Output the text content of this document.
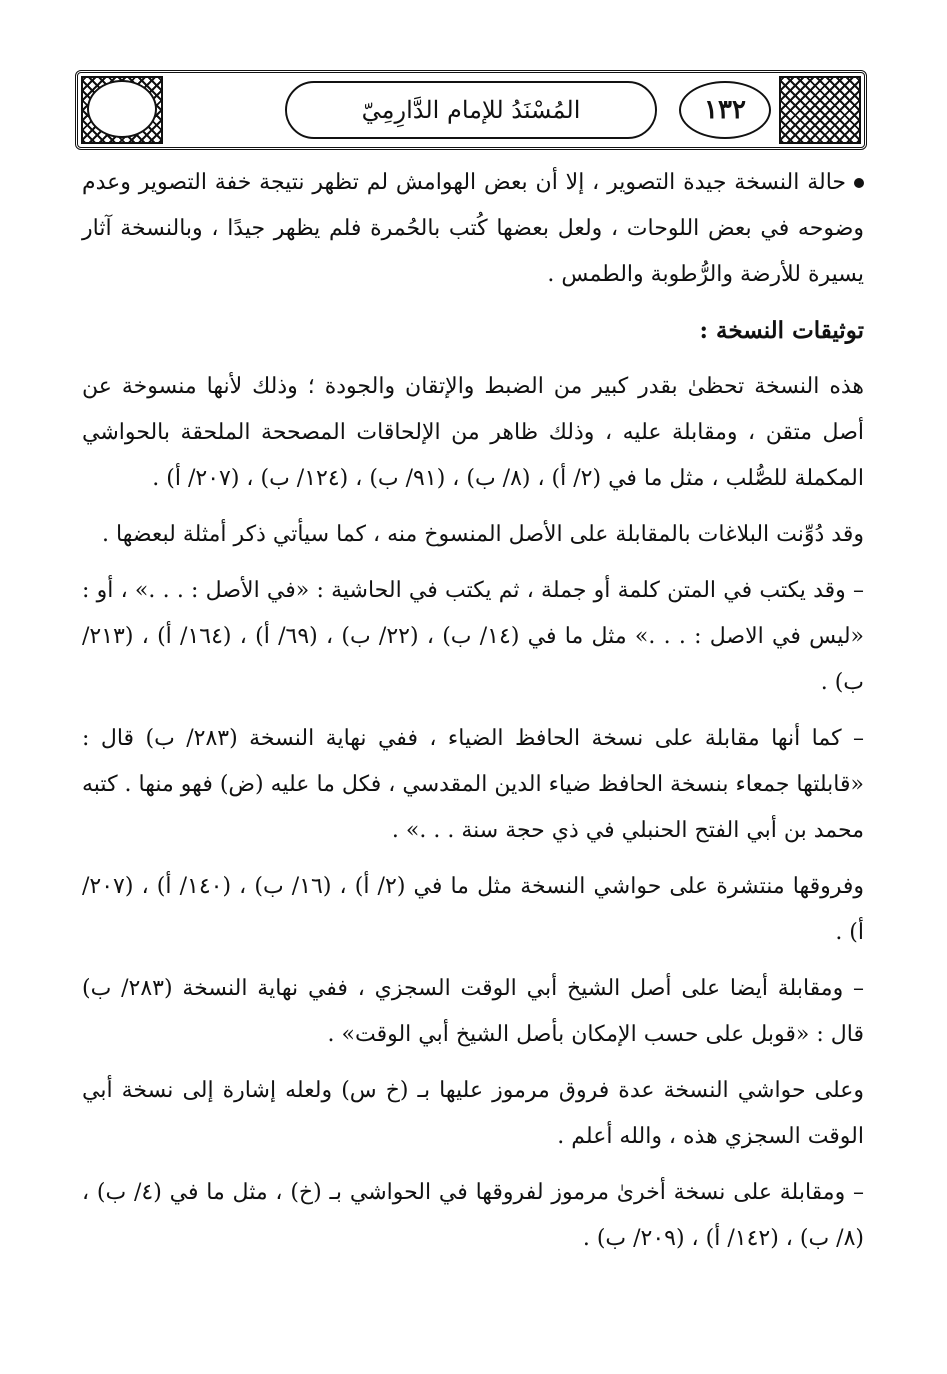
١٣٢
المُسْنَدُ للإمام الدَّارِمِيّ

حالة النسخة جيدة التصوير ، إلا أن بعض الهوامش لم تظهر نتيجة خفة التصوير وعدم وضوحه في بعض اللوحات ، ولعل بعضها كُتب بالحُمرة فلم يظهر جيدًا ، وبالنسخة آثار يسيرة للأرضة والرُّطوبة والطمس .

توثيقات النسخة :

هذه النسخة تحظىٰ بقدر كبير من الضبط والإتقان والجودة ؛ وذلك لأنها منسوخة عن أصل متقن ، ومقابلة عليه ، وذلك ظاهر من الإلحاقات المصححة الملحقة بالحواشي المكملة للصُّلب ، مثل ما في (٢/ أ) ، (٨/ ب) ، (٩١/ ب) ، (١٢٤/ ب) ، (٢٠٧/ أ) .

وقد دُوِّنت البلاغات بالمقابلة على الأصل المنسوخ منه ، كما سيأتي ذكر أمثلة لبعضها .

– وقد يكتب في المتن كلمة أو جملة ، ثم يكتب في الحاشية : «في الأصل : . . .» ، أو : «ليس في الاصل : . . .» مثل ما في (١٤/ ب) ، (٢٢/ ب) ، (٦٩/ أ) ، (١٦٤/ أ) ، (٢١٣/ ب) .

– كما أنها مقابلة على نسخة الحافظ الضياء ، ففي نهاية النسخة (٢٨٣/ ب) قال : «قابلتها جمعاء بنسخة الحافظ ضياء الدين المقدسي ، فكل ما عليه (ض) فهو منها . كتبه محمد بن أبي الفتح الحنبلي في ذي حجة سنة . . .» .

وفروقها منتشرة على حواشي النسخة مثل ما في (٢/ أ) ، (١٦/ ب) ، (١٤٠/ أ) ، (٢٠٧/ أ) .

– ومقابلة أيضا على أصل الشيخ أبي الوقت السجزي ، ففي نهاية النسخة (٢٨٣/ ب) قال : «قوبل على حسب الإمكان بأصل الشيخ أبي الوقت» .

وعلى حواشي النسخة عدة فروق مرموز عليها بـ (خ س) ولعله إشارة إلى نسخة أبي الوقت السجزي هذه ، والله أعلم .

– ومقابلة على نسخة أخرىٰ مرموز لفروقها في الحواشي بـ (خ) ، مثل ما في (٤/ ب) ، (٨/ ب) ، (١٤٢/ أ) ، (٢٠٩/ ب) .
